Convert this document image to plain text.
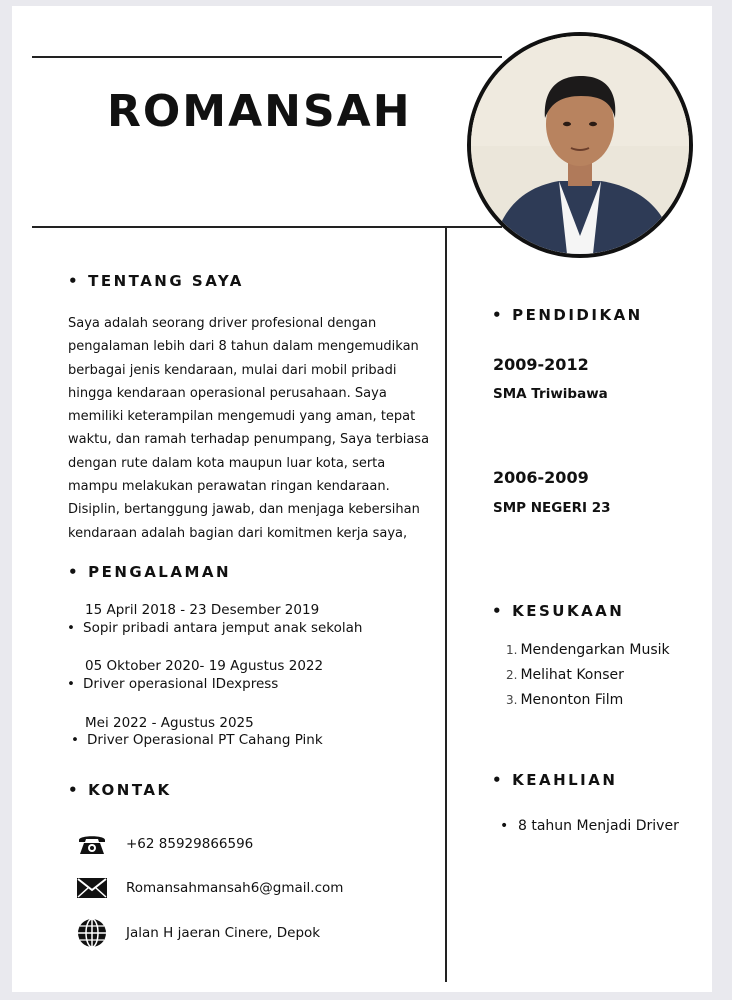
ROMANSAH
• TENTANG SAYA
Saya adalah seorang driver profesional dengan
pengalaman lebih dari 8 tahun dalam mengemudikan
berbagai jenis kendaraan, mulai dari mobil pribadi
hingga kendaraan operasional perusahaan. Saya
memiliki keterampilan mengemudi yang aman, tepat
waktu, dan ramah terhadap penumpang, Saya terbiasa
dengan rute dalam kota maupun luar kota, serta
mampu melakukan perawatan ringan kendaraan.
Disiplin, bertanggung jawab, dan menjaga kebersihan
kendaraan adalah bagian dari komitmen kerja saya,
• PENGALAMAN
15 April 2018 - 23 Desember 2019
• Sopir pribadi antara jemput anak sekolah
05 Oktober 2020- 19 Agustus 2022
• Driver operasional IDexpress
Mei 2022 - Agustus 2025
• Driver Operasional PT Cahang Pink
• KONTAK
+62 85929866596
Romansahmansah6@gmail.com
Jalan H jaeran Cinere, Depok
• PENDIDIKAN
2009-2012
SMA Triwibawa
2006-2009
SMP NEGERI 23
• KESUKAAN
1. Mendengarkan Musik
2. Melihat Konser
3. Menonton Film
• KEAHLIAN
• 8 tahun Menjadi Driver
